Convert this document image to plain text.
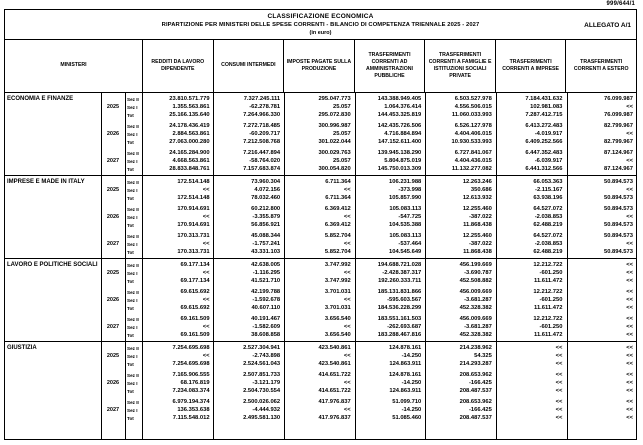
999/644/1
CLASSIFICAZIONE ECONOMICA
RIPARTIZIONE PER MINISTERI DELLE SPESE CORRENTI - BILANCIO DI COMPETENZA TRIENNALE 2025 - 2027
(in euro)
ALLEGATO A/1
MINISTERI
REDDITI DA LAVORO DIPENDENTE
CONSUMI INTERMEDI
IMPOSTE PAGATE SULLA PRODUZIONE
TRASFERIMENTI CORRENTI AD AMMINISTRAZIONI PUBBLICHE
TRASFERIMENTI CORRENTI A FAMIGLIE E ISTITUZIONI SOCIALI PRIVATE
TRASFERIMENTI CORRENTI A IMPRESE
TRASFERIMENTI CORRENTI A ESTERO
ECONOMIA E FINANZE
2025
Sez II	23.810.571.779	7.327.245.111	295.047.773	143.388.949.405	6.503.527.978	7.184.431.632	76.099.987
Sez I	1.355.563.861	-62.278.781	25.057	1.064.376.414	4.556.506.015	102.981.083	<<
Tot	25.166.135.640	7.264.966.330	295.072.830	144.453.325.819	11.060.033.993	7.287.412.715	76.099.987
2026
Sez II	24.178.436.419	7.272.718.485	300.996.987	142.435.726.506	6.526.127.978	6.413.272.483	82.799.967
Sez I	2.884.563.861	-60.209.717	25.057	4.716.884.894	4.404.406.015	-4.019.917	<<
Tot	27.063.000.280	7.212.508.768	301.022.044	147.152.611.400	10.930.533.993	6.409.252.566	82.799.967
2027
Sez II	24.165.284.900	7.216.447.894	300.029.763	139.945.138.290	6.727.841.067	6.447.352.483	87.124.967
Sez I	4.668.563.861	-58.764.020	25.057	5.804.875.019	4.404.436.015	-6.039.917	<<
Tot	28.833.848.761	7.157.683.874	300.054.820	145.750.013.309	11.132.277.082	6.441.312.566	87.124.967
IMPRESE E MADE IN ITALY
2025
Sez II	172.514.148	73.960.304	6.711.364	106.231.988	12.263.246	66.053.363	50.894.573
Sez I	<<	4.072.156	<<	-373.998	350.686	-2.115.167	<<
Tot	172.514.148	78.032.460	6.711.364	105.857.990	12.613.932	63.938.196	50.894.573
2026
Sez II	170.914.691	60.212.800	6.369.412	105.083.113	12.255.460	64.527.072	50.894.573
Sez I	<<	-3.355.879	<<	-547.725	-387.022	-2.038.853	<<
Tot	170.914.691	56.856.921	6.369.412	104.535.388	11.868.438	62.488.219	50.894.573
2027
Sez II	170.313.731	45.088.344	5.852.704	105.083.113	12.255.460	64.527.072	50.894.573
Sez I	<<	-1.757.241	<<	-537.464	-387.022	-2.038.853	<<
Tot	170.313.731	43.331.103	5.852.704	104.545.649	11.868.438	62.488.219	50.894.573
LAVORO E POLITICHE SOCIALI
2025
Sez II	69.177.134	42.638.005	3.747.992	194.688.721.028	456.199.669	12.212.722	<<
Sez I	<<	-1.116.295	<<	-2.428.387.317	-3.690.787	-601.250	<<
Tot	69.177.134	41.521.710	3.747.992	192.260.333.711	452.508.882	11.611.472	<<
2026
Sez II	69.615.692	42.199.788	3.701.031	185.131.831.866	456.009.669	12.212.722	<<
Sez I	<<	-1.592.678	<<	-595.603.567	-3.681.287	-601.250	<<
Tot	69.615.692	40.607.110	3.701.031	184.536.228.299	452.328.382	11.611.472	<<
2027
Sez II	69.161.509	40.191.467	3.656.540	183.551.161.503	456.009.669	12.212.722	<<
Sez I	<<	-1.582.609	<<	-262.693.687	-3.681.287	-601.250	<<
Tot	69.161.509	38.608.858	3.656.540	183.288.467.816	452.328.382	11.611.472	<<
GIUSTIZIA
2025
Sez II	7.254.695.698	2.527.304.941	423.540.861	124.878.161	214.238.962	<<	<<
Sez I	<<	-2.743.898	<<	-14.250	54.325	<<	<<
Tot	7.254.695.698	2.524.561.043	423.540.861	124.863.911	214.293.287	<<	<<
2026
Sez II	7.165.906.555	2.507.851.733	414.651.722	124.878.161	208.653.962	<<	<<
Sez I	68.176.819	-3.121.179	<<	-14.250	-166.425	<<	<<
Tot	7.234.083.374	2.504.730.554	414.651.722	124.863.911	208.487.537	<<	<<
2027
Sez II	6.979.194.374	2.500.026.062	417.976.837	51.099.710	208.653.962	<<	<<
Sez I	136.353.638	-4.444.932	<<	-14.250	-166.425	<<	<<
Tot	7.115.548.012	2.495.581.130	417.976.837	51.085.460	208.487.537	<<	<<
